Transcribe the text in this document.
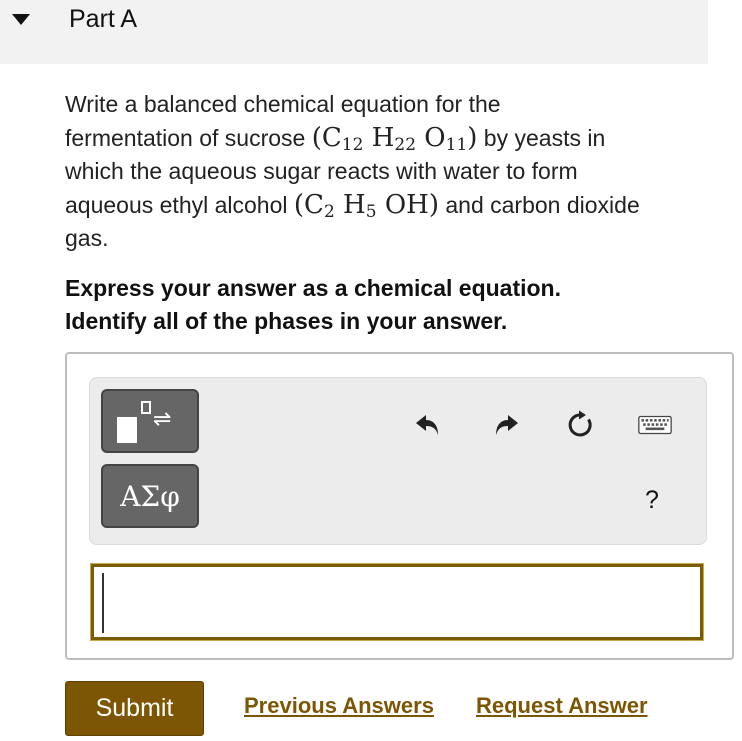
Part A
Write a balanced chemical equation for the
fermentation of sucrose ($C_{12}$ $H_{22}$ $O_{11}$) by yeasts in
which the aqueous sugar reacts with water to form
aqueous ethyl alcohol ($C_2$ $H_5$ OH) and carbon dioxide
gas.
Express your answer as a chemical equation.
Identify all of the phases in your answer.
⇌
ΑΣφ	?
Submit	Previous Answers Request Answer
